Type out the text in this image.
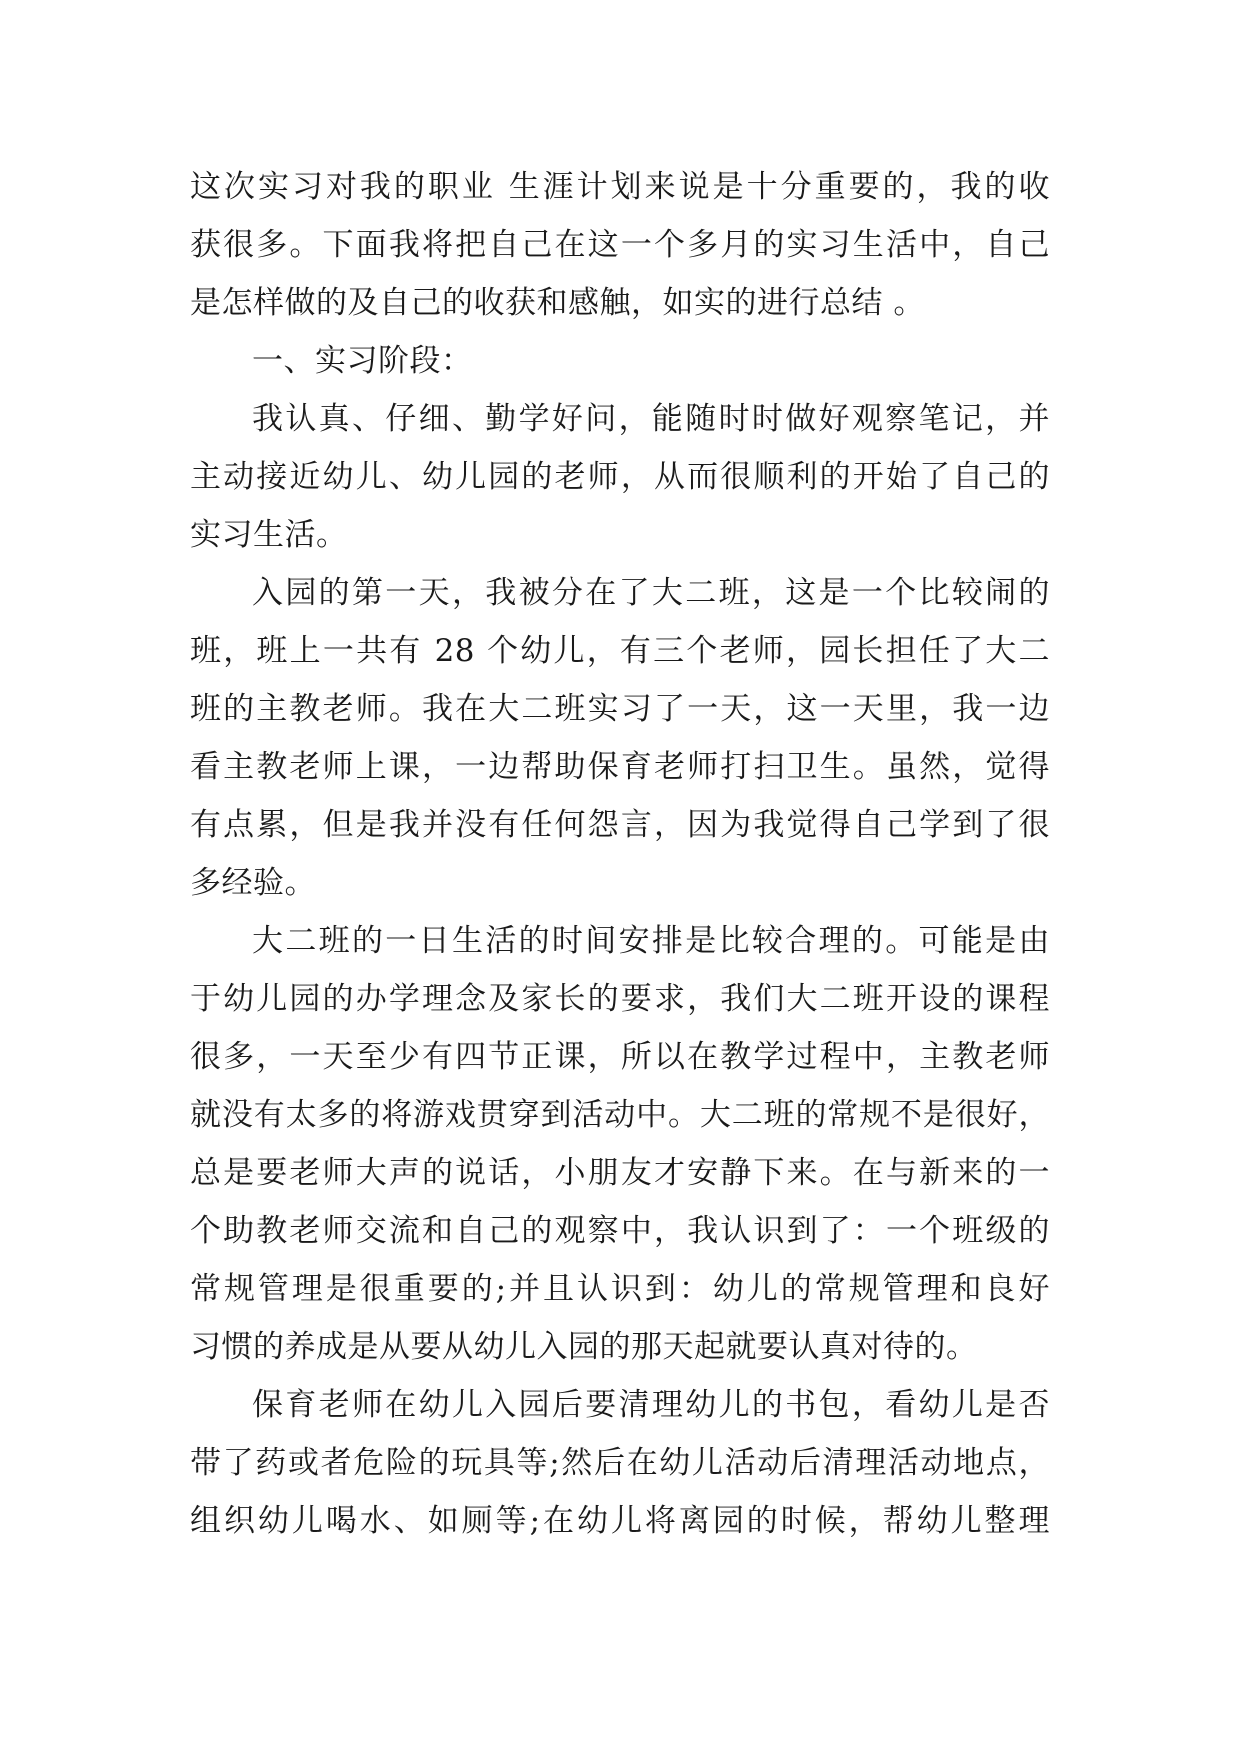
这次实习对我的职业 生涯计划来说是十分重要的，我的收
获很多。下面我将把自己在这一个多月的实习生活中，自己
是怎样做的及自己的收获和感触，如实的进行总结 。
一、实习阶段：
我认真、仔细、勤学好问，能随时时做好观察笔记，并
主动接近幼儿、幼儿园的老师，从而很顺利的开始了自己的
实习生活。
入园的第一天，我被分在了大二班，这是一个比较闹的
班，班上一共有 28 个幼儿，有三个老师，园长担任了大二
班的主教老师。我在大二班实习了一天，这一天里，我一边
看主教老师上课，一边帮助保育老师打扫卫生。虽然，觉得
有点累，但是我并没有任何怨言，因为我觉得自己学到了很
多经验。
大二班的一日生活的时间安排是比较合理的。可能是由
于幼儿园的办学理念及家长的要求，我们大二班开设的课程
很多，一天至少有四节正课，所以在教学过程中，主教老师
就没有太多的将游戏贯穿到活动中。大二班的常规不是很好，
总是要老师大声的说话，小朋友才安静下来。在与新来的一
个助教老师交流和自己的观察中，我认识到了：一个班级的
常规管理是很重要的;并且认识到：幼儿的常规管理和良好
习惯的养成是从要从幼儿入园的那天起就要认真对待的。
保育老师在幼儿入园后要清理幼儿的书包，看幼儿是否
带了药或者危险的玩具等;然后在幼儿活动后清理活动地点，
组织幼儿喝水、如厕等;在幼儿将离园的时候，帮幼儿整理
